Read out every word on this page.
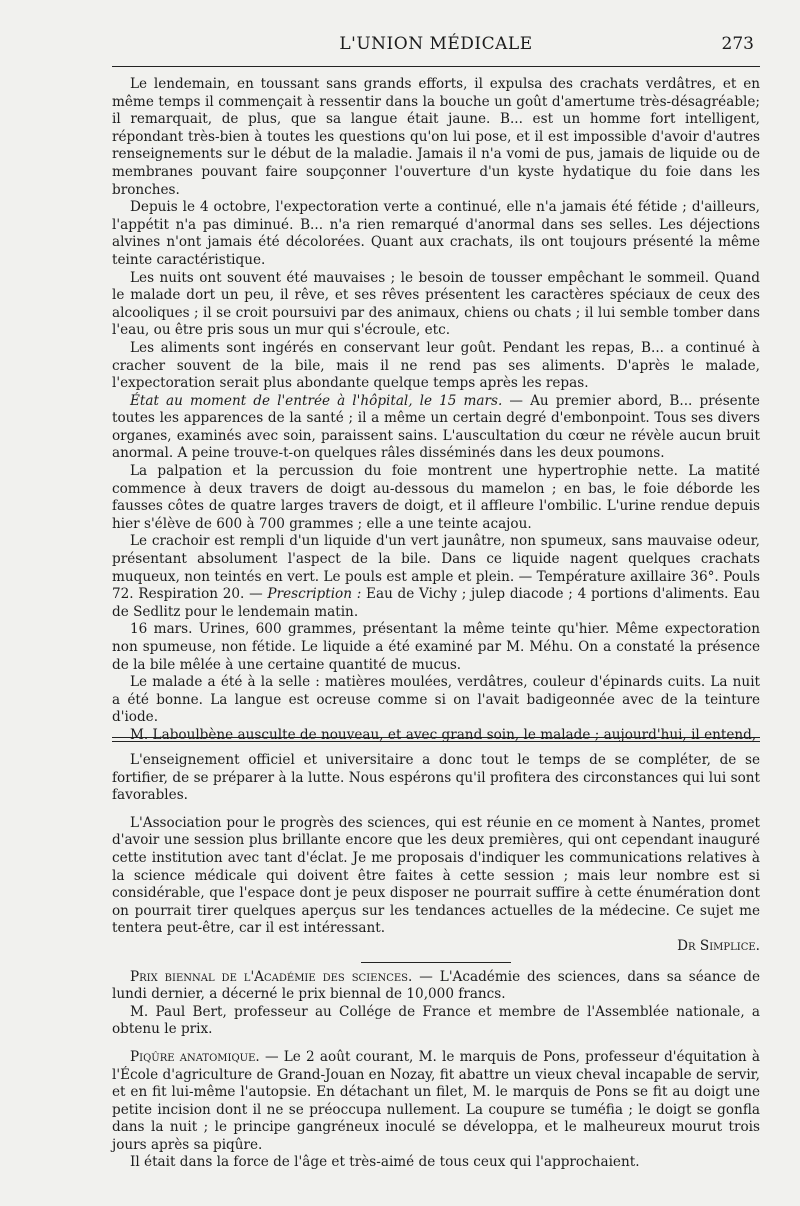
L'UNION MÉDICALE	273

Le lendemain, en toussant sans grands efforts, il expulsa des crachats verdâtres, et en même temps il commençait à ressentir dans la bouche un goût d'amertume très-désagréable; il remarquait, de plus, que sa langue était jaune. B... est un homme fort intelligent, répondant très-bien à toutes les questions qu'on lui pose, et il est impossible d'avoir d'autres renseignements sur le début de la maladie. Jamais il n'a vomi de pus, jamais de liquide ou de membranes pouvant faire soupçonner l'ouverture d'un kyste hydatique du foie dans les bronches.

Depuis le 4 octobre, l'expectoration verte a continué, elle n'a jamais été fétide ; d'ailleurs, l'appétit n'a pas diminué. B... n'a rien remarqué d'anormal dans ses selles. Les déjections alvines n'ont jamais été décolorées. Quant aux crachats, ils ont toujours présenté la même teinte caractéristique.

Les nuits ont souvent été mauvaises ; le besoin de tousser empêchant le sommeil. Quand le malade dort un peu, il rêve, et ses rêves présentent les caractères spéciaux de ceux des alcooliques ; il se croit poursuivi par des animaux, chiens ou chats ; il lui semble tomber dans l'eau, ou être pris sous un mur qui s'écroule, etc.

Les aliments sont ingérés en conservant leur goût. Pendant les repas, B... a continué à cracher souvent de la bile, mais il ne rend pas ses aliments. D'après le malade, l'expectoration serait plus abondante quelque temps après les repas.

État au moment de l'entrée à l'hôpital, le 15 mars. — Au premier abord, B... présente toutes les apparences de la santé ; il a même un certain degré d'embonpoint. Tous ses divers organes, examinés avec soin, paraissent sains. L'auscultation du cœur ne révèle aucun bruit anormal. A peine trouve-t-on quelques râles disséminés dans les deux poumons.

La palpation et la percussion du foie montrent une hypertrophie nette. La matité commence à deux travers de doigt au-dessous du mamelon ; en bas, le foie déborde les fausses côtes de quatre larges travers de doigt, et il affleure l'ombilic. L'urine rendue depuis hier s'élève de 600 à 700 grammes ; elle a une teinte acajou.

Le crachoir est rempli d'un liquide d'un vert jaunâtre, non spumeux, sans mauvaise odeur, présentant absolument l'aspect de la bile. Dans ce liquide nagent quelques crachats muqueux, non teintés en vert. Le pouls est ample et plein. — Température axillaire 36°. Pouls 72. Respiration 20. — Prescription : Eau de Vichy ; julep diacode ; 4 portions d'aliments. Eau de Sedlitz pour le lendemain matin.

16 mars. Urines, 600 grammes, présentant la même teinte qu'hier. Même expectoration non spumeuse, non fétide. Le liquide a été examiné par M. Méhu. On a constaté la présence de la bile mêlée à une certaine quantité de mucus.

Le malade a été à la selle : matières moulées, verdâtres, couleur d'épinards cuits. La nuit a été bonne. La langue est ocreuse comme si on l'avait badigeonnée avec de la teinture d'iode.

M. Laboulbène ausculte de nouveau, et avec grand soin, le malade ; aujourd'hui, il entend,

L'enseignement officiel et universitaire a donc tout le temps de se compléter, de se fortifier, de se préparer à la lutte. Nous espérons qu'il profitera des circonstances qui lui sont favorables.

L'Association pour le progrès des sciences, qui est réunie en ce moment à Nantes, promet d'avoir une session plus brillante encore que les deux premières, qui ont cependant inauguré cette institution avec tant d'éclat. Je me proposais d'indiquer les communications relatives à la science médicale qui doivent être faites à cette session ; mais leur nombre est si considérable, que l'espace dont je peux disposer ne pourrait suffire à cette énumération dont on pourrait tirer quelques aperçus sur les tendances actuelles de la médecine. Ce sujet me tentera peut-être, car il est intéressant.

Dr Simplice.

Prix biennal de l'Académie des sciences. — L'Académie des sciences, dans sa séance de lundi dernier, a décerné le prix biennal de 10,000 francs.

M. Paul Bert, professeur au Collége de France et membre de l'Assemblée nationale, a obtenu le prix.

Piqûre anatomique. — Le 2 août courant, M. le marquis de Pons, professeur d'équitation à l'École d'agriculture de Grand-Jouan en Nozay, fit abattre un vieux cheval incapable de servir, et en fit lui-même l'autopsie. En détachant un filet, M. le marquis de Pons se fit au doigt une petite incision dont il ne se préoccupa nullement. La coupure se tuméfia ; le doigt se gonfla dans la nuit ; le principe gangréneux inoculé se développa, et le malheureux mourut trois jours après sa piqûre.

Il était dans la force de l'âge et très-aimé de tous ceux qui l'approchaient.
